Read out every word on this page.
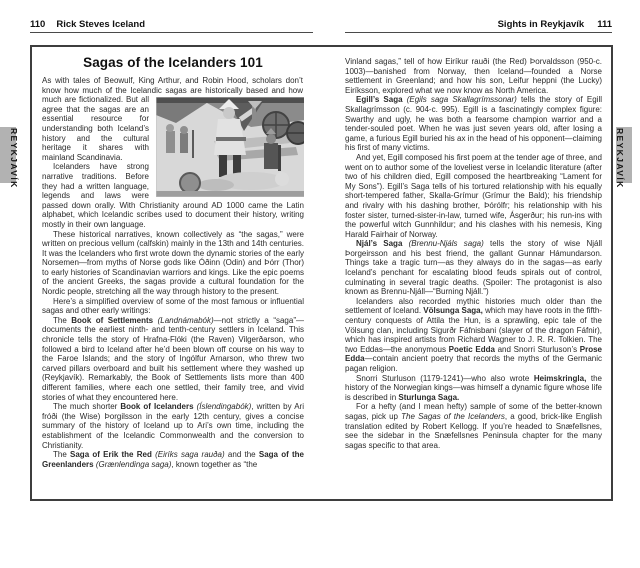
110 Rick Steves Iceland	Sights in Reykjavík 111
REYKJAVÍK	REYKJAVÍK
Sagas of the Icelanders 101
As with tales of Beowulf, King Arthur, and Robin Hood, scholars don’t know how much of the Icelandic sagas are historically based and how much are fictionalized. But all agree that the sagas are an essential resource for understanding both Iceland’s history and the cultural heritage it shares with mainland Scandinavia.
Icelanders have strong narrative traditions. Before they had a written language, legends and laws were passed down orally. With Christianity around AD 1000 came the Latin alphabet, which Icelandic scribes used to document their history, writing mostly in their own language.
These historical narratives, known collectively as “the sagas,” were written on precious vellum (calfskin) mainly in the 13th and 14th centuries. It was the Icelanders who first wrote down the dynamic stories of the early Norsemen—from myths of Norse gods like Óðinn (Odin) and Þórr (Thor) to early histories of Scandinavian warriors and kings. Like the epic poems of the ancient Greeks, the sagas provide a cultural foundation for the Nordic people, stretching all the way through history to the present.
Here’s a simplified overview of some of the most famous or influential sagas and other early writings:
The Book of Settlements (Landnámabók)—not strictly a “saga”—documents the earliest ninth- and tenth-century settlers in Iceland. This chronicle tells the story of Hrafna-Flóki (the Raven) Vilgerðarson, who followed a bird to Iceland after he’d been blown off course on his way to the Faroe Islands; and the story of Ingólfur Arnarson, who threw two carved pillars overboard and built his settlement where they washed up (Reykjavík). Remarkably, the Book of Settlements lists more than 400 different families, where each one settled, their family tree, and vivid stories of what they encountered here.
The much shorter Book of Icelanders (Íslendingabók), written by Ari fróði (the Wise) Þorgilsson in the early 12th century, gives a concise summary of the history of Iceland up to Ari’s own time, including the establishment of the Icelandic Commonwealth and the conversion to Christianity.
The Saga of Erik the Red (Eiríks saga rauða) and the Saga of the Greenlanders (Grænlendinga saga), known together as “the
Vinland sagas,” tell of how Eiríkur rauði (the Red) Þorvaldsson (950-c. 1003)—banished from Norway, then Iceland—founded a Norse settlement in Greenland; and how his son, Leifur heppni (the Lucky) Eiríksson, explored what we now know as North America.
Egill’s Saga (Egils saga Skallagrímssonar) tells the story of Egill Skallagrímsson (c. 904-c. 995). Egill is a fascinatingly complex figure: Swarthy and ugly, he was both a fearsome champion warrior and a tender-souled poet. When he was just seven years old, after losing a game, a furious Egill buried his ax in the head of his opponent—claiming his first of many victims.
And yet, Egill composed his first poem at the tender age of three, and went on to author some of the loveliest verse in Icelandic literature (after two of his children died, Egill composed the heartbreaking “Lament for My Sons”). Egill’s Saga tells of his tortured relationship with his equally short-tempered father, Skalla-Grímur (Grímur the Bald); his friendship and rivalry with his dashing brother, Þórólfr; his relationship with his foster sister, turned-sister-in-law, turned wife, Ásgerður; his run-ins with the powerful witch Gunnhildur; and his clashes with his nemesis, King Harald Fairhair of Norway.
Njál’s Saga (Brennu-Njáls saga) tells the story of wise Njáll Þorgeirsson and his best friend, the gallant Gunnar Hámundarson. Things take a tragic turn—as they always do in the sagas—as early Iceland’s penchant for escalating blood feuds spirals out of control, culminating in several tragic deaths. (Spoiler: The protagonist is also known as Brennu-Njáll—“Burning Njáll.”)
Icelanders also recorded mythic histories much older than the settlement of Iceland. Völsunga Saga, which may have roots in the fifth-century conquests of Attila the Hun, is a sprawling, epic tale of the Völsung clan, including Sigurðr Fáfnisbani (slayer of the dragon Fáfnir), which has inspired artists from Richard Wagner to J. R. R. Tolkien. The two Eddas—the anonymous Poetic Edda and Snorri Sturluson’s Prose Edda—contain ancient poetry that records the myths of the Germanic pagan religion.
Snorri Sturluson (1179-1241)—who also wrote Heimskringla, the history of the Norwegian kings—was himself a dynamic figure whose life is described in Sturlunga Saga.
For a hefty (and I mean hefty) sample of some of the better-known sagas, pick up The Sagas of the Icelanders, a good, brick-like English translation edited by Robert Kellogg. If you’re headed to Snæfellsnes, see the sidebar in the Snæfellsnes Peninsula chapter for the many sagas specific to that area.
